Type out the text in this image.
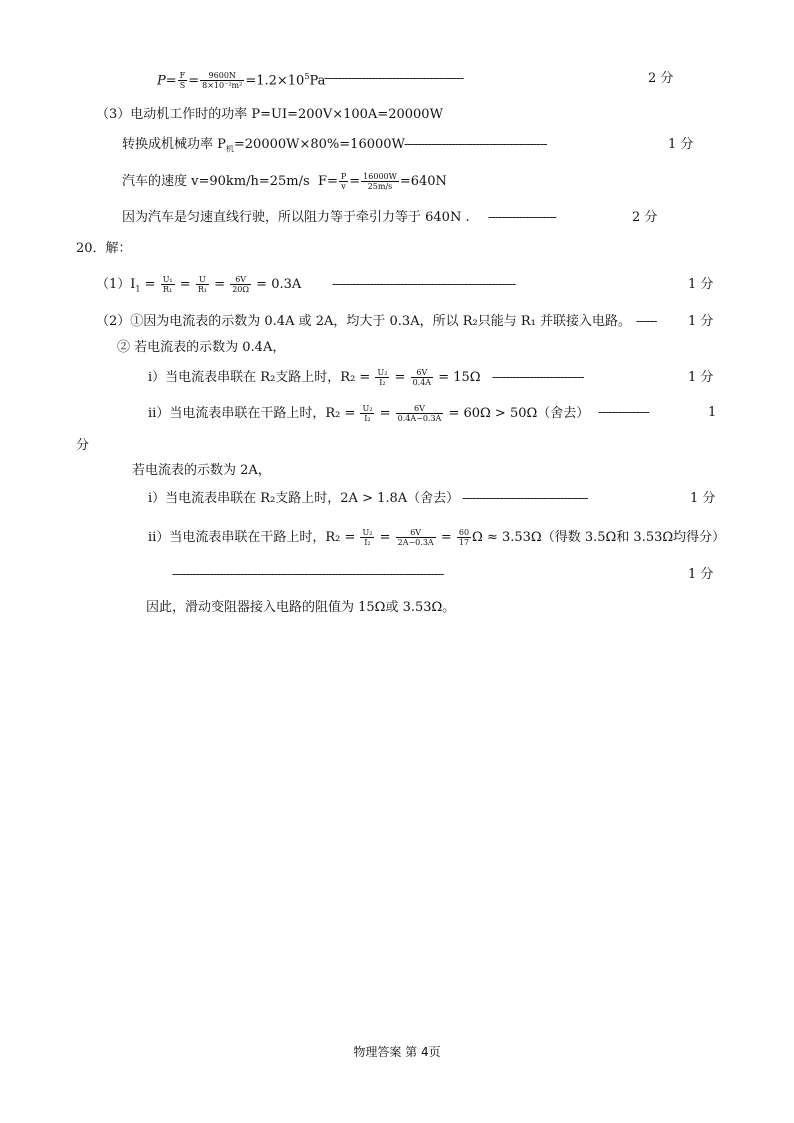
$P= \frac{F}{S} = \frac{9600N}{\text{8×10⁻²m²}} =1.2\times 10^5Pa$
-----------------------------------------	2 分
（3）电动机工作时的功率 P=UI=200V×100A=20000W
转换成机械功率 $P_机=20000W\times 80\%=16000W$ ------------------------------------------	1 分
汽车的速度 v=90km/h=25m/s $F= \frac{P}{v} = \frac{16000W}{25m/s} =640N$
因为汽车是匀速直线行驶，所以阻力等于牵引力等于 640N . --------------------	2 分
20．解：
$(1)I_1 = \frac{\text{U₁}}{\text{R₁}} = \frac{U}{\text{R₁}} = \frac{6V}{20\Omega} = 0.3A$ ------------------------------------------------------	1 分
（2）①因为电流表的示数为 0.4A 或 2A，均大于 0.3A，所以 R₂只能与 R₁ 并联接入电路。 ------ 1 分
② 若电流表的示数为 0.4A，
ⅰ）当电流表串联在 R₂支路上时，$R_2 = \frac{\text{U₂}}{\text{I₂}} = \frac{6V}{0.4A} = 15\Omega$ ---------------------------	1 分
ⅱ）当电流表串联在干路上时，$R_2 = \frac{\text{U₂}}{\text{I₂}} = \frac{6V}{0.4A-0.3A} = 60\Omega > 50\Omega$（舍去） ---------------	1
分
若电流表的示数为 2A，
ⅰ）当电流表串联在 R₂支路上时，2A > 1.8A（舍去） -------------------------------------	1 分
ⅱ）当电流表串联在干路上时，$R_2 = \frac{\text{U₂}}{\text{I₂}} = \frac{6V}{2A-0.3A} = \frac{60}{17}$ Ω ≈ 3.53Ω（得数 3.5Ω和 3.53Ω均得分）
--------------------------------------------------------------------------------	1 分
因此，滑动变阻器接入电路的阻值为 15Ω或 3.53Ω。
物理答案 第 4页
